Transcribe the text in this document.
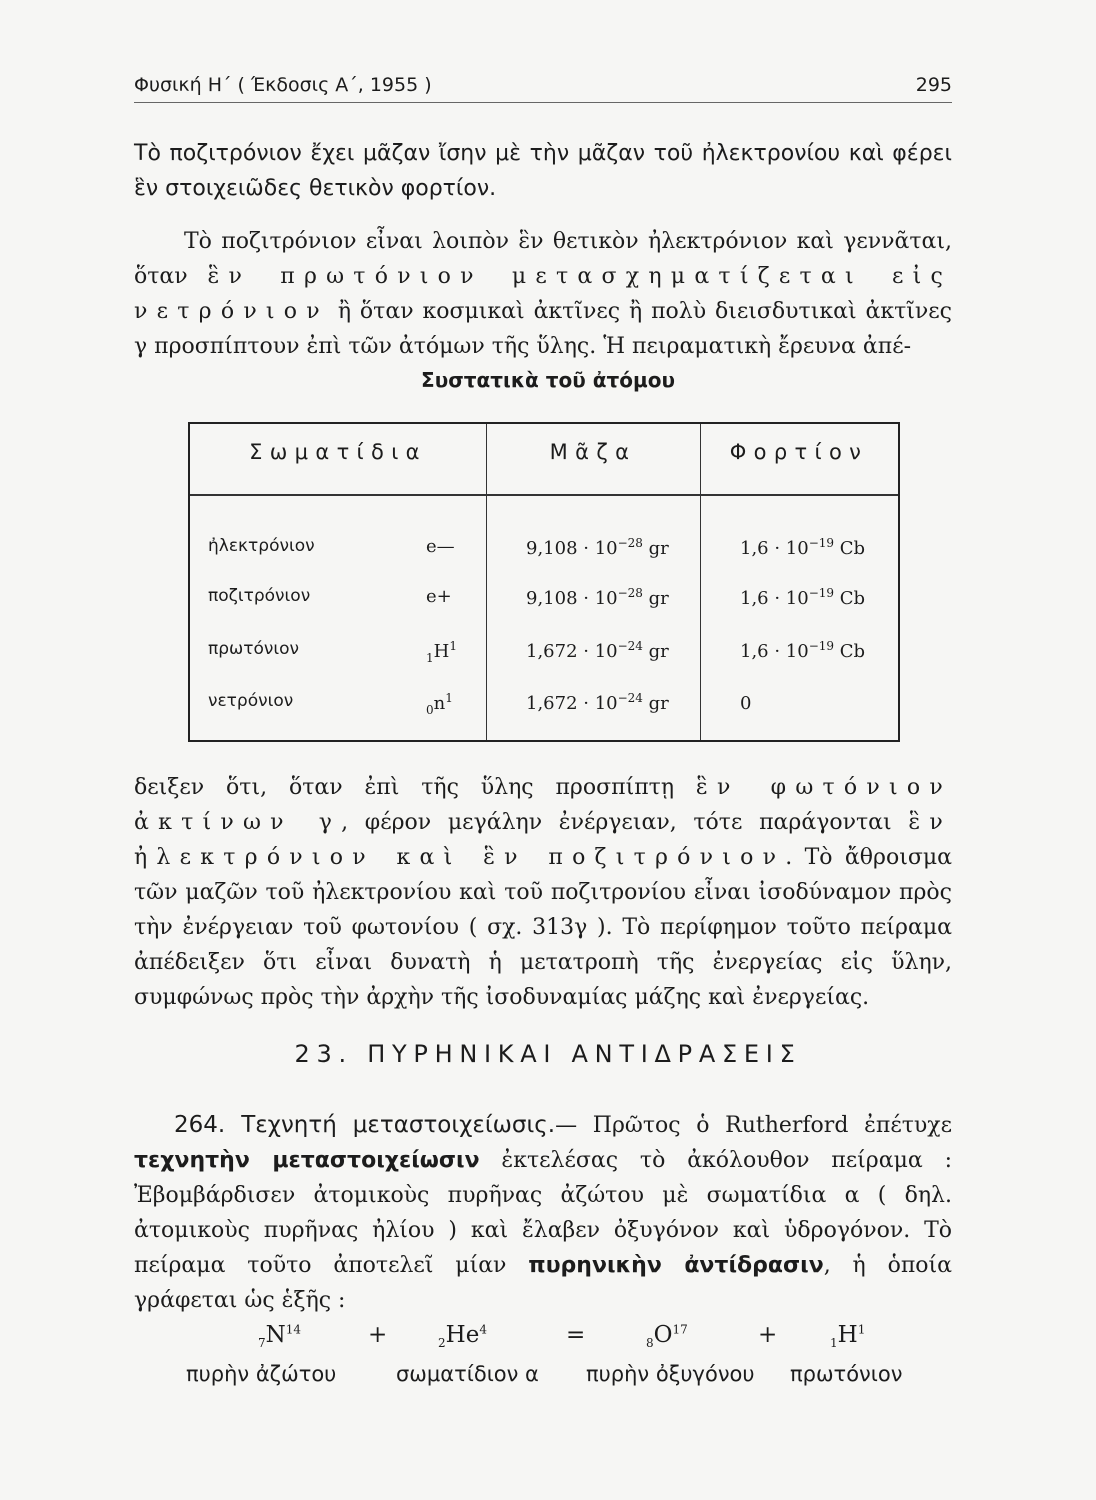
Φυσική Η΄ ( Έκδοσις Α΄, 1955 )	295
Τὸ ποζιτρόνιον ἔχει μᾶζαν ἴσην μὲ τὴν μᾶζαν τοῦ ἠλεκτρονίου καὶ φέρει ἓν στοιχειῶδες θετικὸν φορτίον.
Τὸ ποζιτρόνιον εἶναι λοιπὸν ἓν θετικὸν ἠλεκτρόνιον καὶ γεννᾶται, ὅταν ἓν πρωτόνιον μετασχηματίζεται εἰς νετρόνιον ἢ ὅταν κοσμικαὶ ἀκτῖνες ἢ πολὺ διεισδυτικαὶ ἀκτῖνες γ προσπίπτουν ἐπὶ τῶν ἀτόμων τῆς ὕλης. Ἡ πειραματικὴ ἔρευνα ἀπέ-
Συστατικὰ τοῦ ἀτόμου
Σωματίδια	Μᾶζα	Φορτίον
ἠλεκτρόνιον	e—	$9,108 \cdot 10^{-28}$ gr	$1,6 \cdot 10^{-19}$ Cb
ποζιτρόνιον	e+	$9,108 \cdot 10^{-28}$ gr	$1,6 \cdot 10^{-19}$ Cb
πρωτόνιον	$_1H^1$	$1,672 \cdot 10^{-24}$ gr	$1,6 \cdot 10^{-19}$ Cb
νετρόνιον	$_0n^1$	$1,672 \cdot 10^{-24}$ gr	0
δειξεν ὅτι, ὅταν ἐπὶ τῆς ὕλης προσπίπτῃ ἓν φωτόνιον ἀκτίνων γ, φέρον μεγάλην ἐνέργειαν, τότε παράγονται ἓν ἠλεκτρόνιον καὶ ἓν ποζιτρόνιον. Τὸ ἄθροισμα τῶν μαζῶν τοῦ ἠλεκτρονίου καὶ τοῦ ποζιτρονίου εἶναι ἰσοδύναμον πρὸς τὴν ἐνέργειαν τοῦ φωτονίου ( σχ. 313γ ). Τὸ περίφημον τοῦτο πείραμα ἀπέδειξεν ὅτι εἶναι δυνατὴ ἡ μετατροπὴ τῆς ἐνεργείας εἰς ὕλην, συμφώνως πρὸς τὴν ἀρχὴν τῆς ἰσοδυναμίας μάζης καὶ ἐνεργείας.
23. ΠΥΡΗΝΙΚΑΙ ΑΝΤΙΔΡΑΣΕΙΣ
264. Τεχνητή μεταστοιχείωσις.— Πρῶτος ὁ Rutherford ἐπέτυχε τεχνητὴν μεταστοιχείωσιν ἐκτελέσας τὸ ἀκόλουθον πείραμα : Ἐβομβάρδισεν ἀτομικοὺς πυρῆνας ἀζώτου μὲ σωματίδια α ( δηλ. ἀτομικοὺς πυρῆνας ἠλίου ) καὶ ἔλαβεν ὀξυγόνον καὶ ὑδρογόνον. Τὸ πείραμα τοῦτο ἀποτελεῖ μίαν πυρηνικὴν ἀντίδρασιν, ἡ ὁποία γράφεται ὡς ἑξῆς :
$_7N^{14}$	+	$_2He^4$	=	$_8O^{17}$	+	$_1H^1$
πυρὴν ἀζώτου	σωματίδιον α πυρὴν ὀξυγόνου πρωτόνιον
